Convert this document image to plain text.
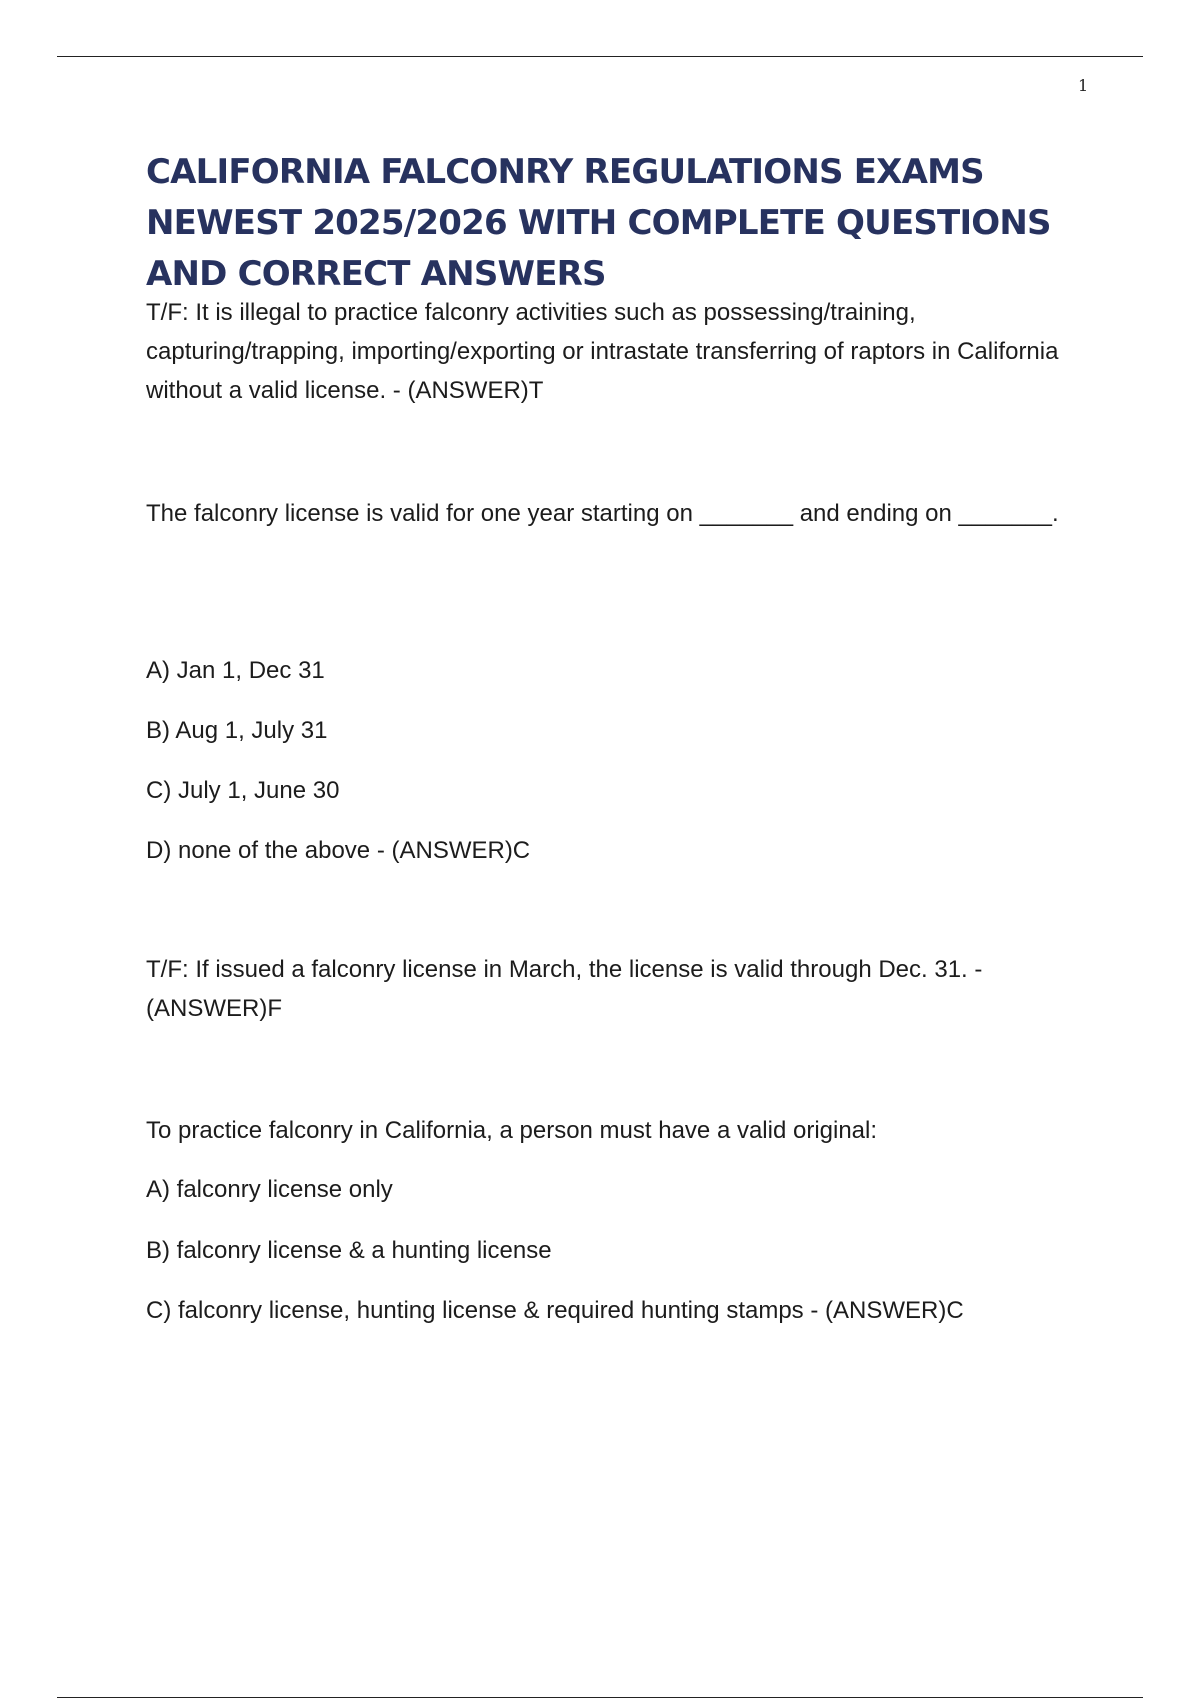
1
CALIFORNIA FALCONRY REGULATIONS EXAMS NEWEST 2025/2026 WITH COMPLETE QUESTIONS AND CORRECT ANSWERS

T/F: It is illegal to practice falconry activities such as possessing/training, capturing/trapping, importing/exporting or intrastate transferring of raptors in California without a valid license. - (ANSWER)T

The falconry license is valid for one year starting on _______ and ending on _______.

A) Jan 1, Dec 31

B) Aug 1, July 31

C) July 1, June 30

D) none of the above - (ANSWER)C

T/F: If issued a falconry license in March, the license is valid through Dec. 31. - (ANSWER)F

To practice falconry in California, a person must have a valid original:

A) falconry license only

B) falconry license & a hunting license

C) falconry license, hunting license & required hunting stamps - (ANSWER)C
